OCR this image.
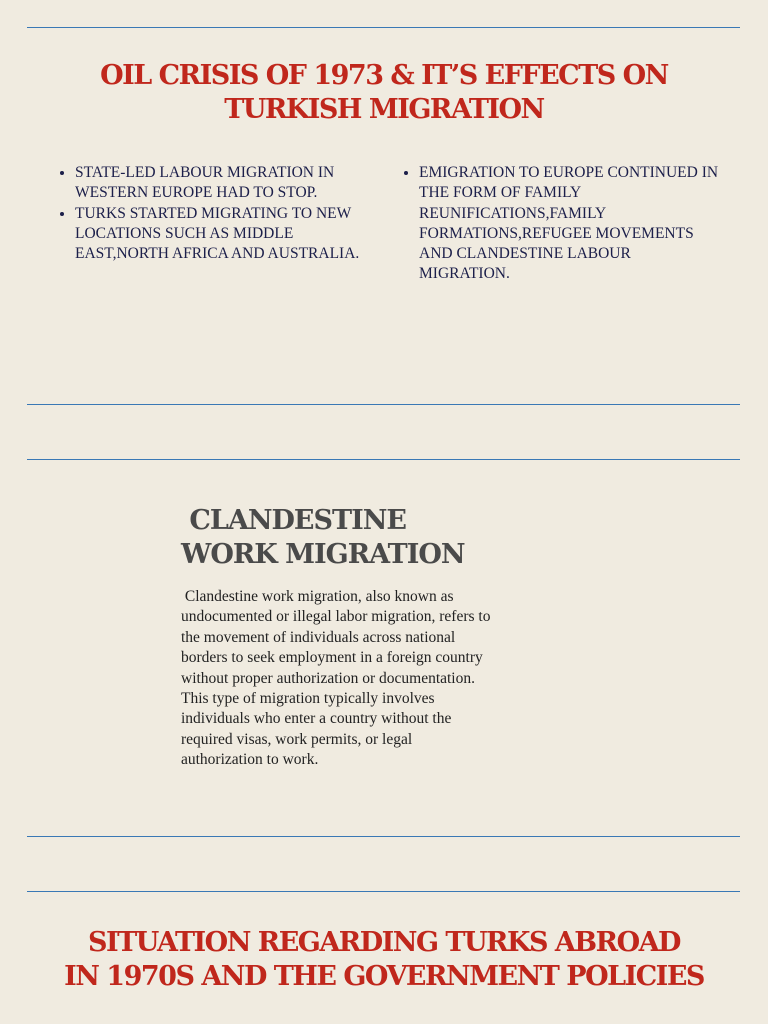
OIL CRISIS OF 1973 & IT’S EFFECTS ON
TURKISH MIGRATION
• STATE-LED LABOUR MIGRATION IN WESTERN EUROPE HAD TO STOP.
• TURKS STARTED MIGRATING TO NEW LOCATIONS SUCH AS MIDDLE EAST,NORTH AFRICA AND AUSTRALIA.
• EMIGRATION TO EUROPE CONTINUED IN THE FORM OF FAMILY REUNIFICATIONS,FAMILY FORMATIONS,REFUGEE MOVEMENTS AND CLANDESTINE LABOUR MIGRATION.
CLANDESTINE
WORK MIGRATION

Clandestine work migration, also known as undocumented or illegal labor migration, refers to the movement of individuals across national borders to seek employment in a foreign country without proper authorization or documentation. This type of migration typically involves individuals who enter a country without the required visas, work permits, or legal authorization to work.

SITUATION REGARDING TURKS ABROAD
IN 1970S AND THE GOVERNMENT POLICIES
